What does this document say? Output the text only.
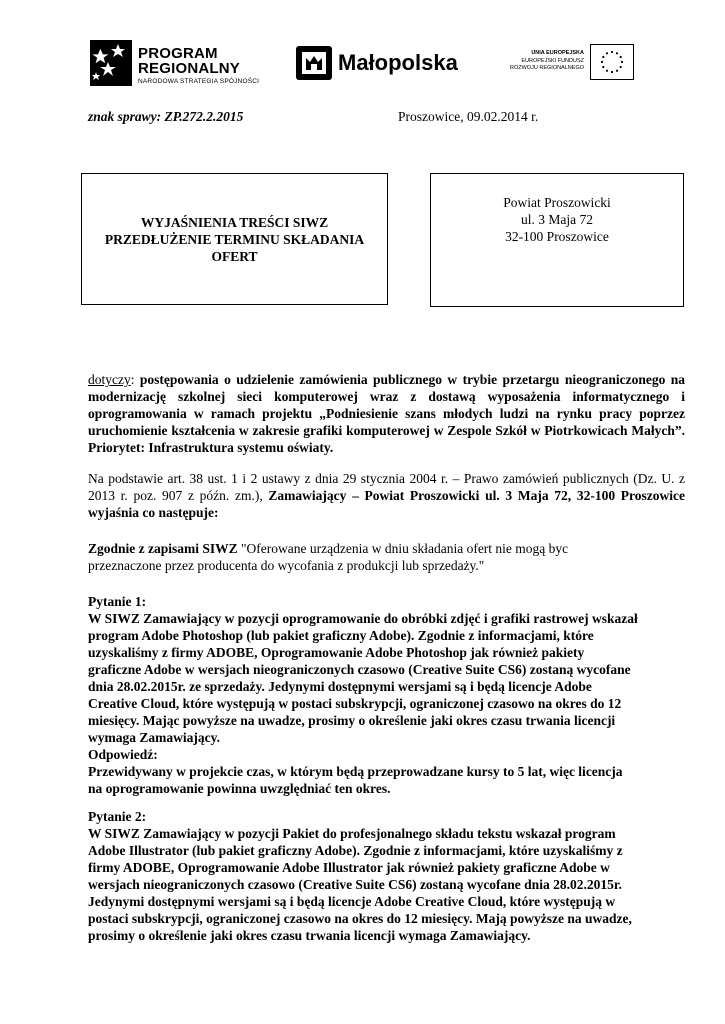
PROGRAM
REGIONALNY
NARODOWA STRATEGIA SPÓJNOŚCI
Małopolska	UNIA EUROPEJSKA
EUROPEJSKI FUNDUSZ
ROZWOJU REGIONALNEGO
znak sprawy: ZP.272.2.2015	Proszowice, 09.02.2014 r.
WYJAŚNIENIA TREŚCI SIWZ
PRZEDŁUŻENIE TERMINU SKŁADANIA
OFERT
Powiat Proszowicki
ul. 3 Maja 72
32-100 Proszowice
dotyczy: postępowania o udzielenie zamówienia publicznego w trybie przetargu nieograniczonego na modernizację szkolnej sieci komputerowej wraz z dostawą wyposażenia informatycznego i oprogramowania w ramach projektu „Podniesienie szans młodych ludzi na rynku pracy poprzez uruchomienie kształcenia w zakresie grafiki komputerowej w Zespole Szkół w Piotrkowicach Małych”. Priorytet: Infrastruktura systemu oświaty.
Na podstawie art. 38 ust. 1 i 2 ustawy z dnia 29 stycznia 2004 r. – Prawo zamówień publicznych (Dz. U. z 2013 r. poz. 907 z późn. zm.), Zamawiający – Powiat Proszowicki ul. 3 Maja 72, 32-100 Proszowice wyjaśnia co następuje:
Zgodnie z zapisami SIWZ "Oferowane urządzenia w dniu składania ofert nie mogą byc
przeznaczone przez producenta do wycofania z produkcji lub sprzedaży."
Pytanie 1:
W SIWZ Zamawiający w pozycji oprogramowanie do obróbki zdjęć i grafiki rastrowej wskazał
program Adobe Photoshop (lub pakiet graficzny Adobe). Zgodnie z informacjami, które
uzyskaliśmy z firmy ADOBE, Oprogramowanie Adobe Photoshop jak również pakiety
graficzne Adobe w wersjach nieograniczonych czasowo (Creative Suite CS6) zostaną wycofane
dnia 28.02.2015r. ze sprzedaży. Jedynymi dostępnymi wersjami są i będą licencje Adobe
Creative Cloud, które występują w postaci subskrypcji, ograniczonej czasowo na okres do 12
miesięcy. Mając powyższe na uwadze, prosimy o określenie jaki okres czasu trwania licencji
wymaga Zamawiający.
Odpowiedź:
Przewidywany w projekcie czas, w którym będą przeprowadzane kursy to 5 lat, więc licencja
na oprogramowanie powinna uwzględniać ten okres.
Pytanie 2:
W SIWZ Zamawiający w pozycji Pakiet do profesjonalnego składu tekstu wskazał program
Adobe Illustrator (lub pakiet graficzny Adobe). Zgodnie z informacjami, które uzyskaliśmy z
firmy ADOBE, Oprogramowanie Adobe Illustrator jak również pakiety graficzne Adobe w
wersjach nieograniczonych czasowo (Creative Suite CS6) zostaną wycofane dnia 28.02.2015r.
Jedynymi dostępnymi wersjami są i będą licencje Adobe Creative Cloud, które występują w
postaci subskrypcji, ograniczonej czasowo na okres do 12 miesięcy. Mają powyższe na uwadze,
prosimy o określenie jaki okres czasu trwania licencji wymaga Zamawiający.
